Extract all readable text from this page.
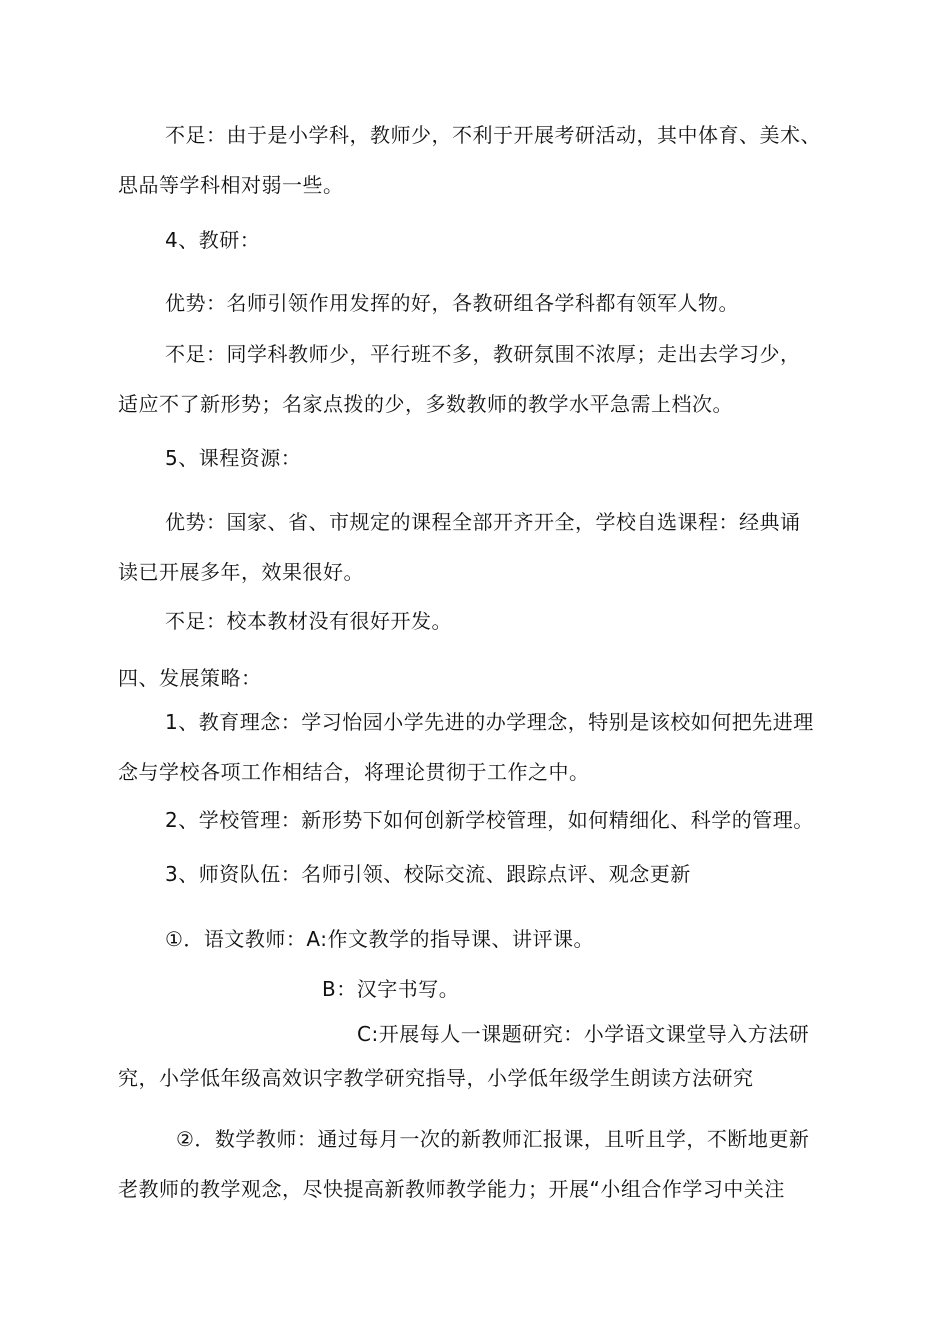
不足：由于是小学科，教师少，不利于开展考研活动，其中体育、美术、
思品等学科相对弱一些。
4、教研：
优势：名师引领作用发挥的好，各教研组各学科都有领军人物。
不足：同学科教师少，平行班不多，教研氛围不浓厚；走出去学习少，
适应不了新形势；名家点拨的少，多数教师的教学水平急需上档次。
5、课程资源：
优势：国家、省、市规定的课程全部开齐开全，学校自选课程：经典诵
读已开展多年，效果很好。
不足：校本教材没有很好开发。
四、发展策略：
1、教育理念：学习怡园小学先进的办学理念，特别是该校如何把先进理
念与学校各项工作相结合，将理论贯彻于工作之中。
2、学校管理：新形势下如何创新学校管理，如何精细化、科学的管理。
3、师资队伍：名师引领、校际交流、跟踪点评、观念更新
①．语文教师：A:作文教学的指导课、讲评课。
B：汉字书写。
C:开展每人一课题研究：小学语文课堂导入方法研
究，小学低年级高效识字教学研究指导，小学低年级学生朗读方法研究
②．数学教师：通过每月一次的新教师汇报课，且听且学，不断地更新
老教师的教学观念，尽快提高新教师教学能力；开展“小组合作学习中关注
